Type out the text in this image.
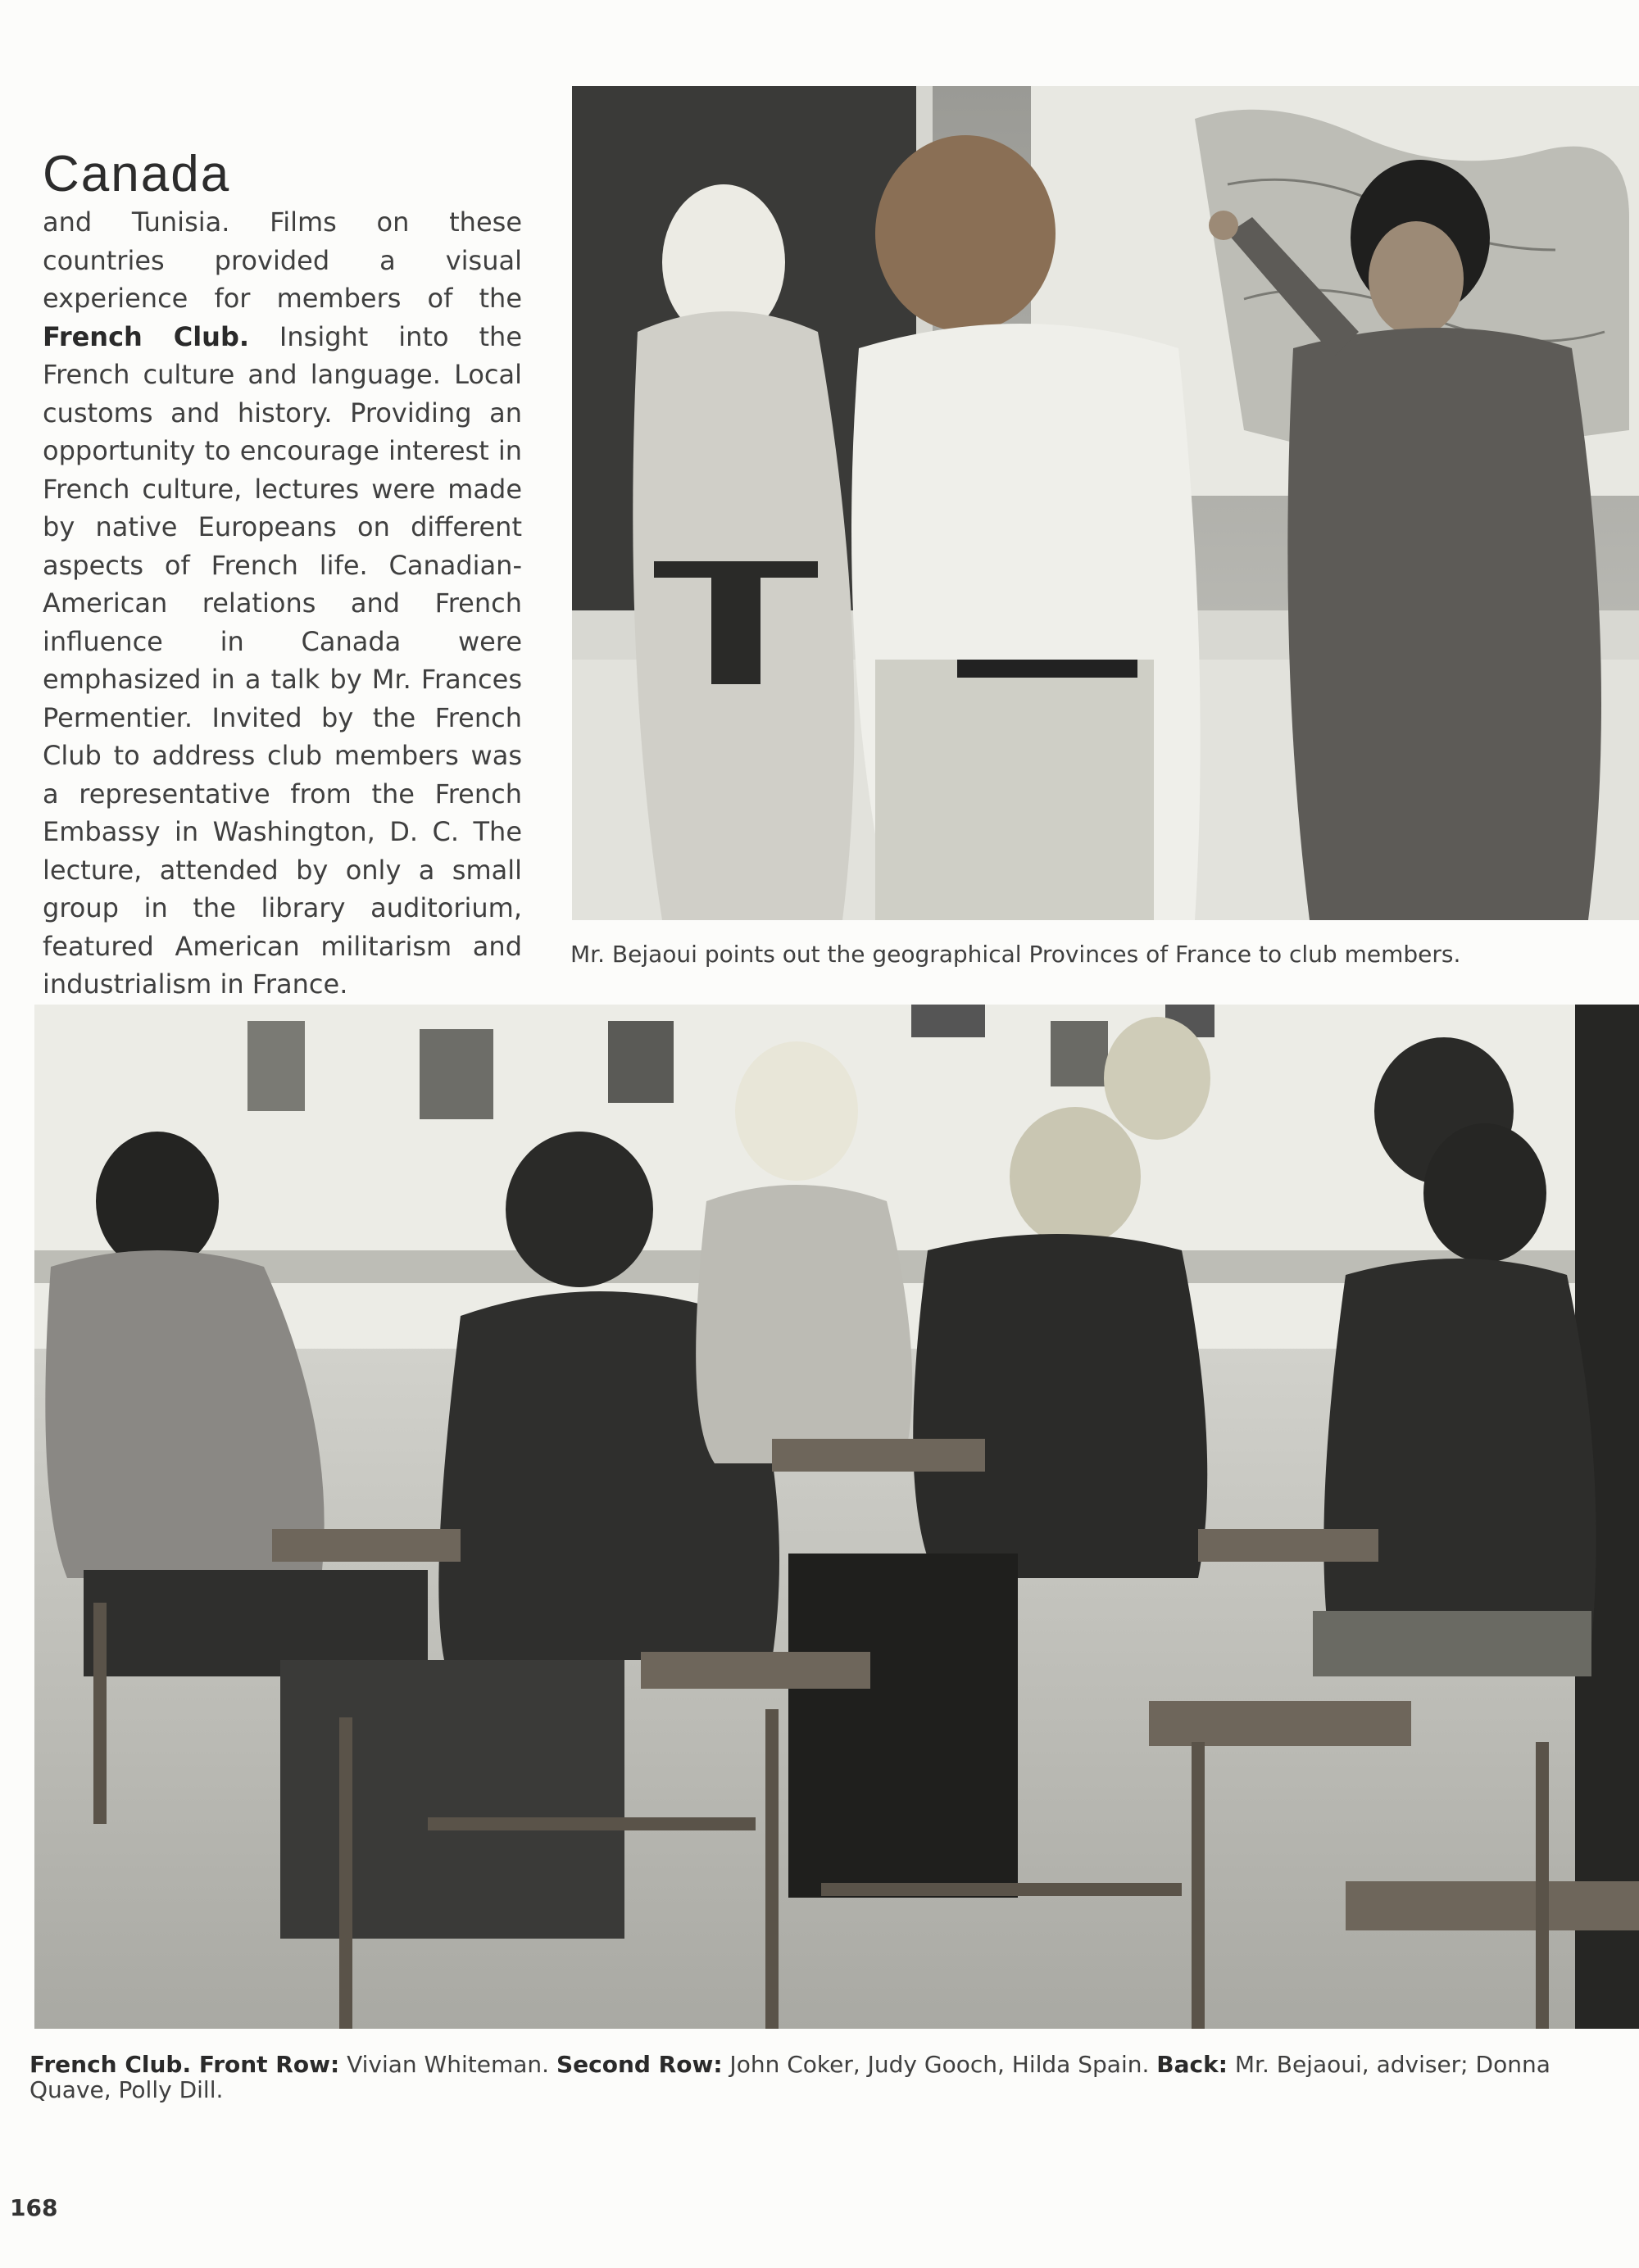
Canada

and Tunisia. Films on these countries provided a visual experience for members of the French Club. Insight into the French culture and language. Local customs and history. Providing an opportunity to encourage interest in French culture, lectures were made by native Europeans on different aspects of French life. Canadian-American relations and French influence in Canada were emphasized in a talk by Mr. Frances Permentier. Invited by the French Club to address club members was a representative from the French Embassy in Washington, D. C. The lecture, attended by only a small group in the library auditorium, featured American militarism and industrialism in France.

Mr. Bejaoui points out the geographical Provinces of France to club members.

French Club. Front Row: Vivian Whiteman. Second Row: John Coker, Judy Gooch, Hilda Spain. Back: Mr. Bejaoui, adviser; Donna Quave, Polly Dill.

168
